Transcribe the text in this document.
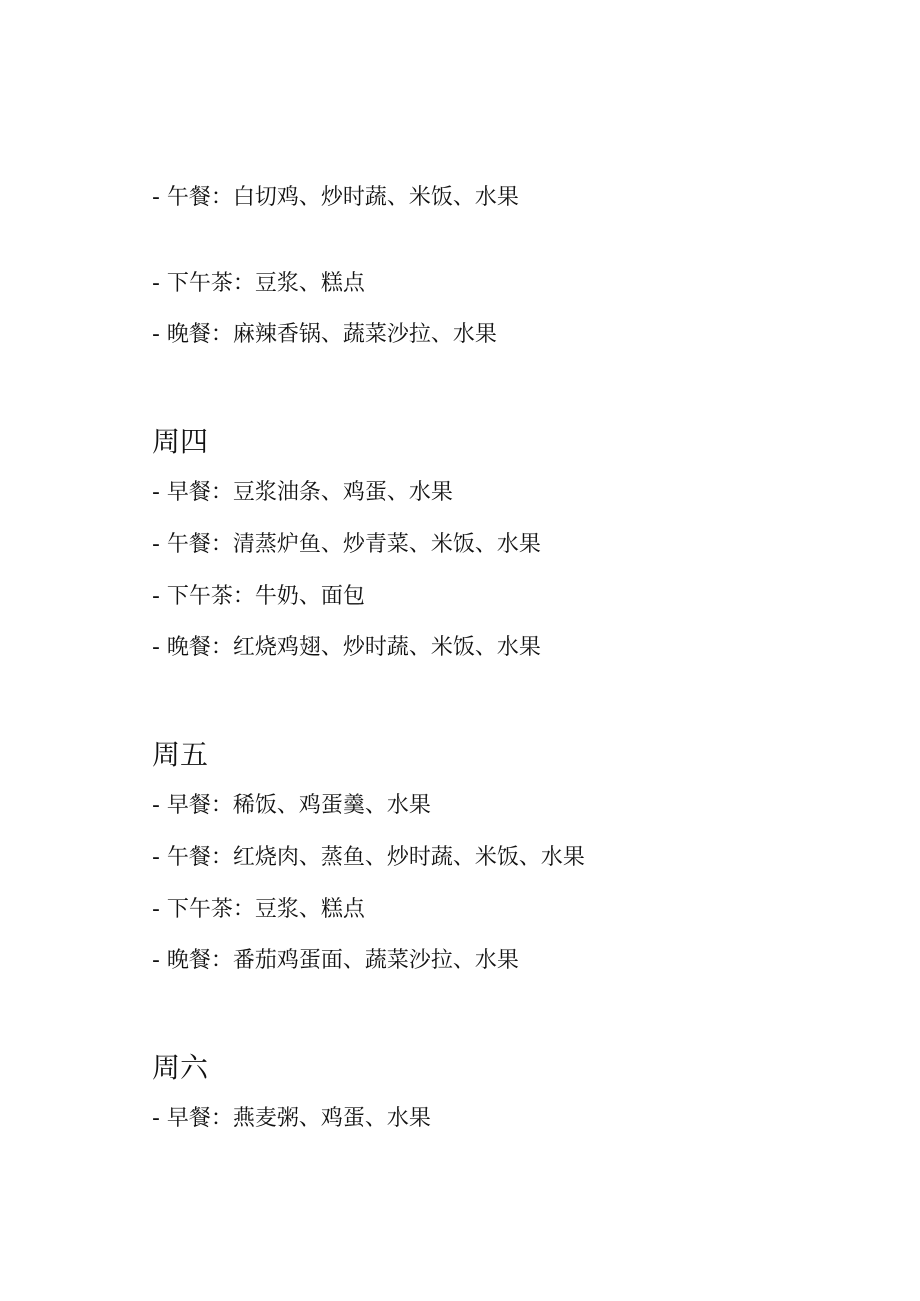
- 午餐：白切鸡、炒时蔬、米饭、水果

- 下午茶：豆浆、糕点

- 晚餐：麻辣香锅、蔬菜沙拉、水果

周四

- 早餐：豆浆油条、鸡蛋、水果

- 午餐：清蒸炉鱼、炒青菜、米饭、水果

- 下午茶：牛奶、面包

- 晚餐：红烧鸡翅、炒时蔬、米饭、水果

周五

- 早餐：稀饭、鸡蛋羹、水果

- 午餐：红烧肉、蒸鱼、炒时蔬、米饭、水果

- 下午茶：豆浆、糕点

- 晚餐：番茄鸡蛋面、蔬菜沙拉、水果

周六

- 早餐：燕麦粥、鸡蛋、水果
